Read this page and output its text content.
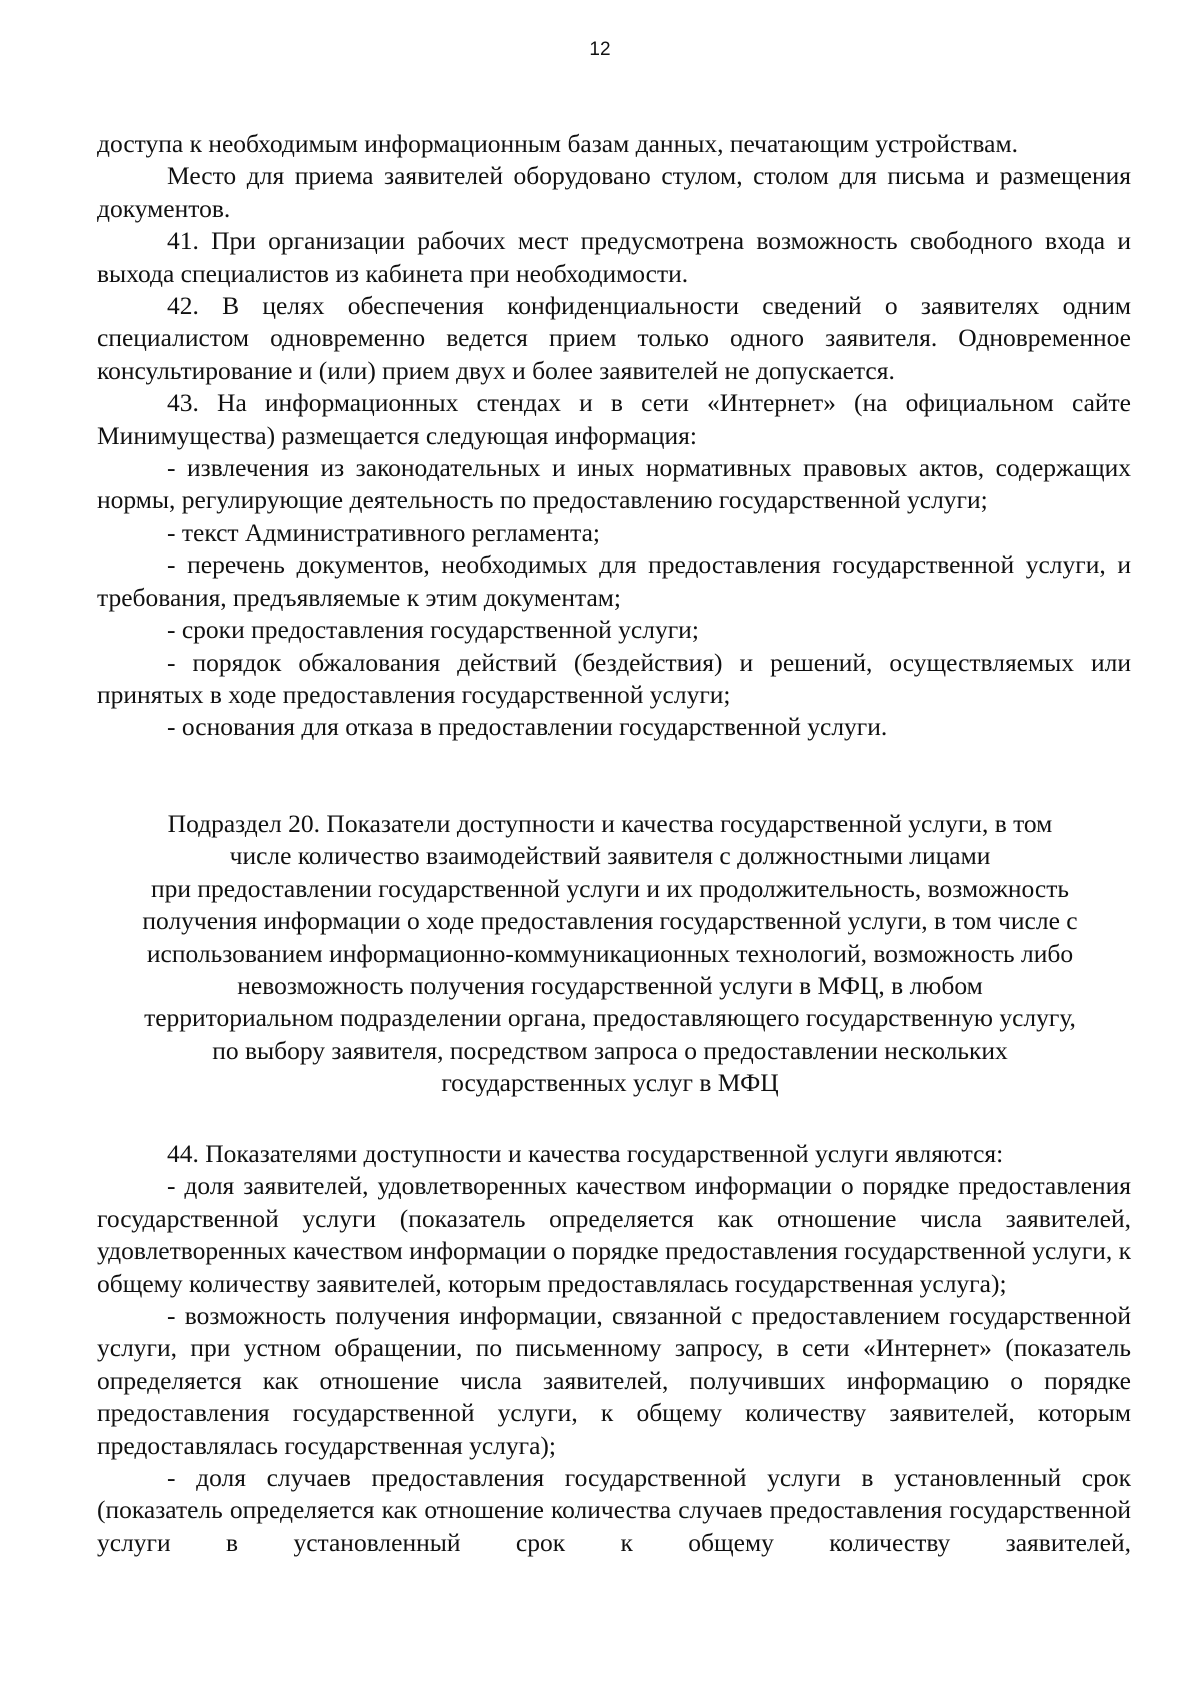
12

доступа к необходимым информационным базам данных, печатающим устройствам.

Место для приема заявителей оборудовано стулом, столом для письма и размещения документов.

41. При организации рабочих мест предусмотрена возможность свободного входа и выхода специалистов из кабинета при необходимости.

42. В целях обеспечения конфиденциальности сведений о заявителях одним специалистом одновременно ведется прием только одного заявителя. Одновременное консультирование и (или) прием двух и более заявителей не допускается.

43. На информационных стендах и в сети «Интернет» (на официальном сайте Минимущества) размещается следующая информация:

- извлечения из законодательных и иных нормативных правовых актов, содержащих нормы, регулирующие деятельность по предоставлению государственной услуги;

- текст Административного регламента;

- перечень документов, необходимых для предоставления государственной услуги, и требования, предъявляемые к этим документам;

- сроки предоставления государственной услуги;

- порядок обжалования действий (бездействия) и решений, осуществляемых или принятых в ходе предоставления государственной услуги;

- основания для отказа в предоставлении государственной услуги.

Подраздел 20. Показатели доступности и качества государственной услуги, в том
числе количество взаимодействий заявителя с должностными лицами
при предоставлении государственной услуги и их продолжительность, возможность
получения информации о ходе предоставления государственной услуги, в том числе с
использованием информационно-коммуникационных технологий, возможность либо
невозможность получения государственной услуги в МФЦ, в любом
территориальном подразделении органа, предоставляющего государственную услугу,
по выбору заявителя, посредством запроса о предоставлении нескольких
государственных услуг в МФЦ

44. Показателями доступности и качества государственной услуги являются:

- доля заявителей, удовлетворенных качеством информации о порядке предоставления государственной услуги (показатель определяется как отношение числа заявителей, удовлетворенных качеством информации о порядке предоставления государственной услуги, к общему количеству заявителей, которым предоставлялась государственная услуга);

- возможность получения информации, связанной с предоставлением государственной услуги, при устном обращении, по письменному запросу, в сети «Интернет» (показатель определяется как отношение числа заявителей, получивших информацию о порядке предоставления государственной услуги, к общему количеству заявителей, которым предоставлялась государственная услуга);

- доля случаев предоставления государственной услуги в установленный срок (показатель определяется как отношение количества случаев предоставления государственной услуги в установленный срок к общему количеству заявителей,
